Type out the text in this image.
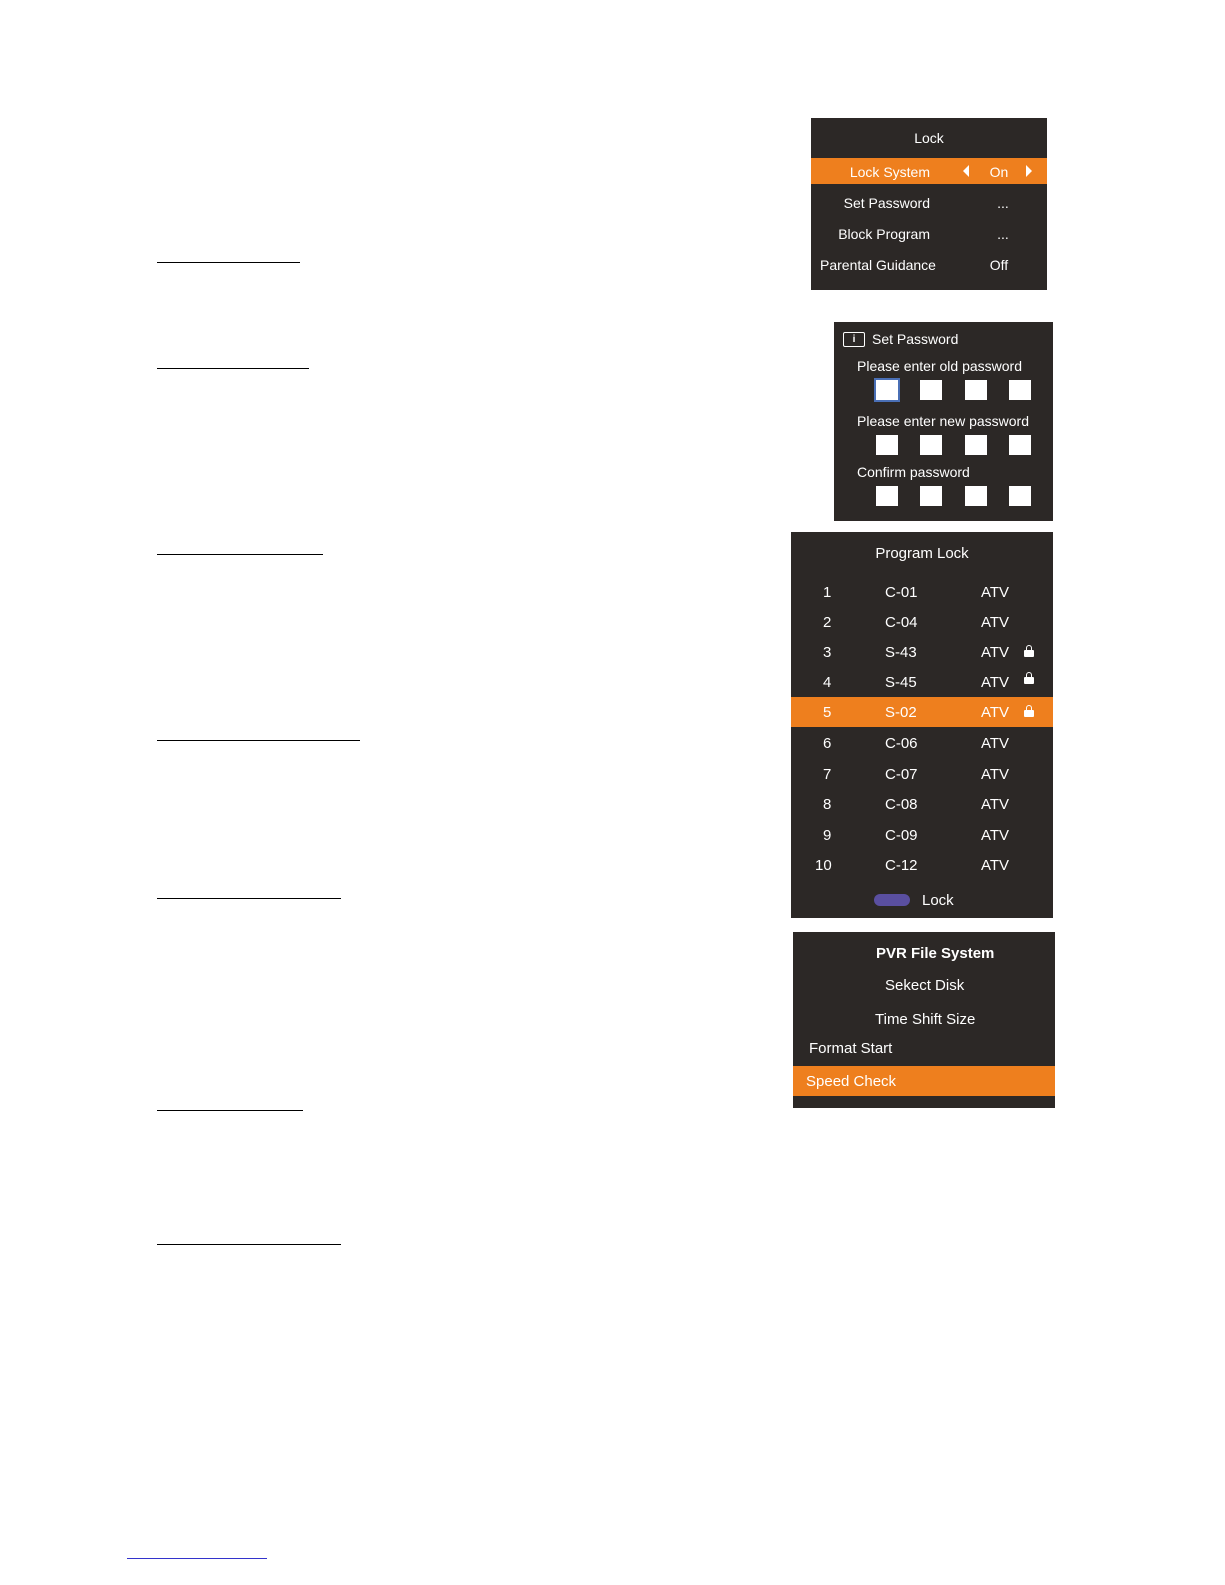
Lock
Lock System	On
Set Password	...
Block Program	...
Parental Guidance	Off
i	Set Password
Please enter old password
Please enter new password
Confirm password
Program Lock
1	C-01	ATV
2	C-04	ATV
3	S-43	ATV
4	S-45	ATV
5	S-02	ATV
6	C-06	ATV
7	C-07	ATV
8	C-08	ATV
9	C-09	ATV
10	C-12	ATV
Lock
PVR File System
Sekect Disk
Time Shift Size
Format Start
Speed Check
